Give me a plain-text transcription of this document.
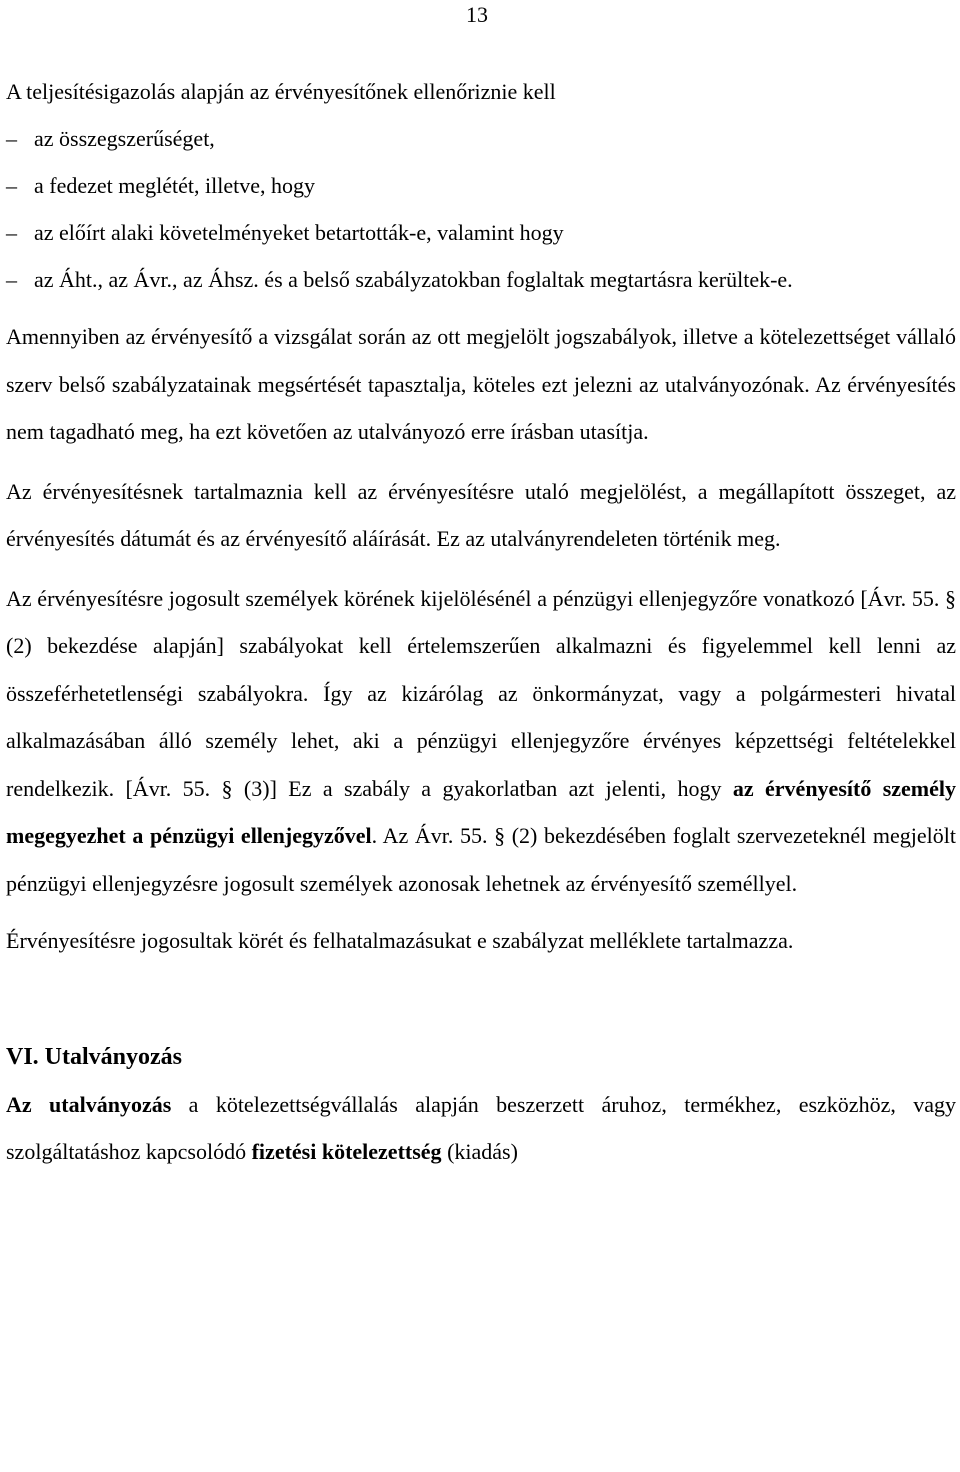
13

A teljesítésigazolás alapján az érvényesítőnek ellenőriznie kell

– az összegszerűséget,
– a fedezet meglétét, illetve, hogy
– az előírt alaki követelményeket betartották-e, valamint hogy
– az Áht., az Ávr., az Áhsz. és a belső szabályzatokban foglaltak megtartásra kerültek-e.

Amennyiben az érvényesítő a vizsgálat során az ott megjelölt jogszabályok, illetve a kötelezettséget vállaló szerv belső szabályzatainak megsértését tapasztalja, köteles ezt jelezni az utalványozónak. Az érvényesítés nem tagadható meg, ha ezt követően az utalványozó erre írásban utasítja.

Az érvényesítésnek tartalmaznia kell az érvényesítésre utaló megjelölést, a megállapított összeget, az érvényesítés dátumát és az érvényesítő aláírását. Ez az utalványrendeleten történik meg.

Az érvényesítésre jogosult személyek körének kijelölésénél a pénzügyi ellenjegyzőre vonatkozó [Ávr. 55. § (2) bekezdése alapján] szabályokat kell értelemszerűen alkalmazni és figyelemmel kell lenni az összeférhetetlenségi szabályokra. Így az kizárólag az önkormányzat, vagy a polgármesteri hivatal alkalmazásában álló személy lehet, aki a pénzügyi ellenjegyzőre érvényes képzettségi feltételekkel rendelkezik. [Ávr. 55. § (3)] Ez a szabály a gyakorlatban azt jelenti, hogy az érvényesítő személy megegyezhet a pénzügyi ellenjegyzővel. Az Ávr. 55. § (2) bekezdésében foglalt szervezeteknél megjelölt pénzügyi ellenjegyzésre jogosult személyek azonosak lehetnek az érvényesítő személlyel.

Érvényesítésre jogosultak körét és felhatalmazásukat e szabályzat melléklete tartalmazza.

VI. Utalványozás

Az utalványozás a kötelezettségvállalás alapján beszerzett áruhoz, termékhez, eszközhöz, vagy szolgáltatáshoz kapcsolódó fizetési kötelezettség (kiadás)
